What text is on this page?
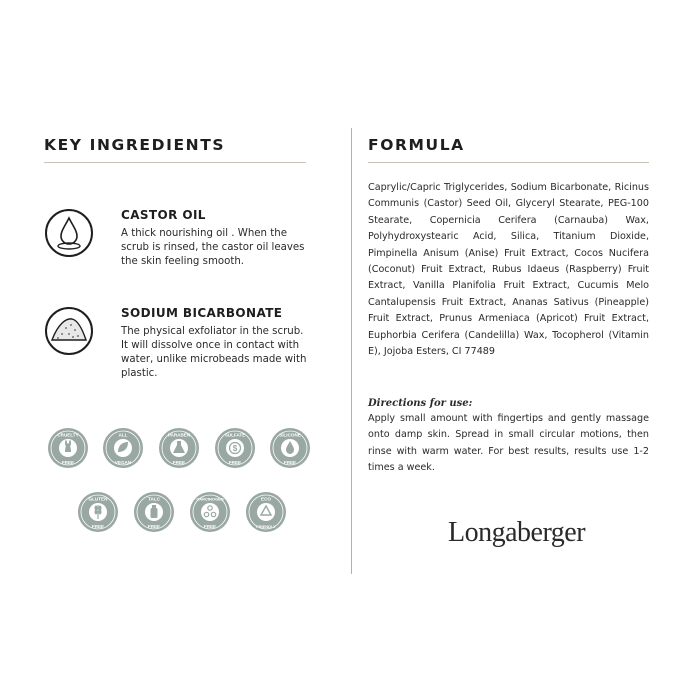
KEY INGREDIENTS
CASTOR OIL
A thick nourishing oil . When the scrub is rinsed, the castor oil leaves the skin feeling smooth.
SODIUM BICARBONATE
The physical exfoliator in the scrub. It will dissolve once in contact with water, unlike microbeads made with plastic.
CRUELTY
FREE
ALL
VEGAN
PARABEN
FREE
$
SULFATE
FREE
SILICONE
FREE
GLUTEN
FREE
TALC
FREE
CARCINOGEN
FREE
ECO
FRIENDLY
FORMULA
Caprylic/Capric Triglycerides, Sodium Bicarbonate, Ricinus Communis (Castor) Seed Oil, Glyceryl Stearate, PEG-100 Stearate, Copernicia Cerifera (Carnauba) Wax, Polyhydroxystearic Acid, Silica, Titanium Dioxide, Pimpinella Anisum (Anise) Fruit Extract, Cocos Nucifera (Coconut) Fruit Extract, Rubus Idaeus (Raspberry) Fruit Extract, Vanilla Planifolia Fruit Extract, Cucumis Melo Cantalupensis Fruit Extract, Ananas Sativus (Pineapple) Fruit Extract, Prunus Armeniaca (Apricot) Fruit Extract, Euphorbia Cerifera (Candelilla) Wax, Tocopherol (Vitamin E), Jojoba Esters, CI 77489
Directions for use:
Apply small amount with fingertips and gently massage onto damp skin. Spread in small circular motions, then rinse with warm water. For best results, results use 1-2 times a week.
Longaberger
